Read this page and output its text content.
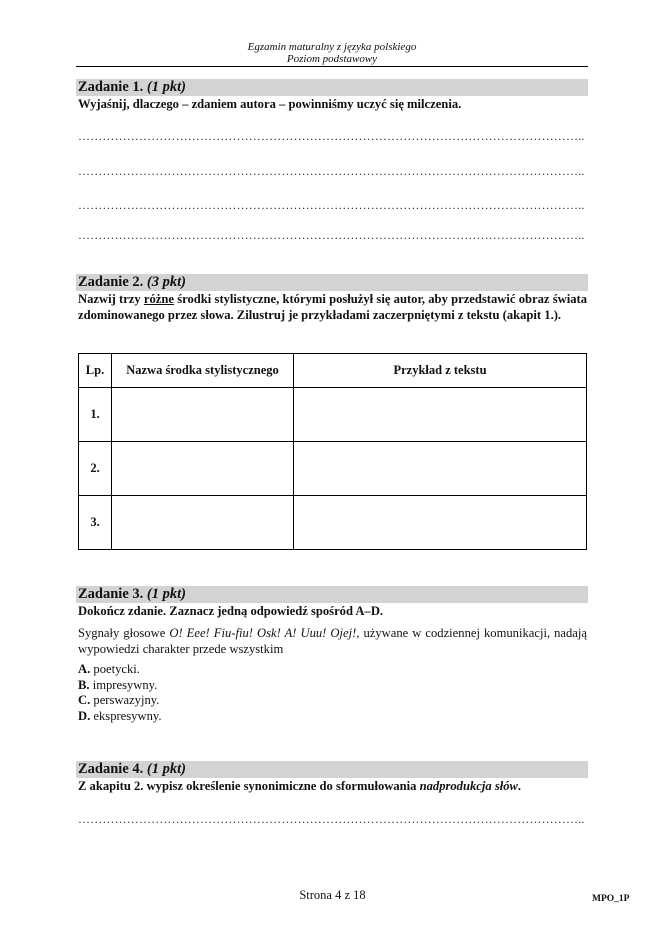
Egzamin maturalny z języka polskiego
Poziom podstawowy
Zadanie 1. (1 pkt)
Wyjaśnij, dlaczego – zdaniem autora – powinniśmy uczyć się milczenia.
……………………………………………………………………………………………………………..
……………………………………………………………………………………………………………..
……………………………………………………………………………………………………………..
……………………………………………………………………………………………………………..
Zadanie 2. (3 pkt)
Nazwij trzy różne środki stylistyczne, którymi posłużył się autor, aby przedstawić obraz świata zdominowanego przez słowa. Zilustruj je przykładami zaczerpniętymi z tekstu (akapit 1.).
Lp.	Nazwa środka stylistycznego	Przykład z tekstu
1.		
2.		
3.		
Zadanie 3. (1 pkt)
Dokończ zdanie. Zaznacz jedną odpowiedź spośród A–D.
Sygnały głosowe O! Eee! Fiu-fiu! Osk! A! Uuu! Ojej!, używane w codziennej komunikacji, nadają wypowiedzi charakter przede wszystkim
A. poetycki.
B. impresywny.
C. perswazyjny.
D. ekspresywny.
Zadanie 4. (1 pkt)
Z akapitu 2. wypisz określenie synonimiczne do sformułowania nadprodukcja słów.
……………………………………………………………………………………………………………..
Strona 4 z 18	MPO_1P
